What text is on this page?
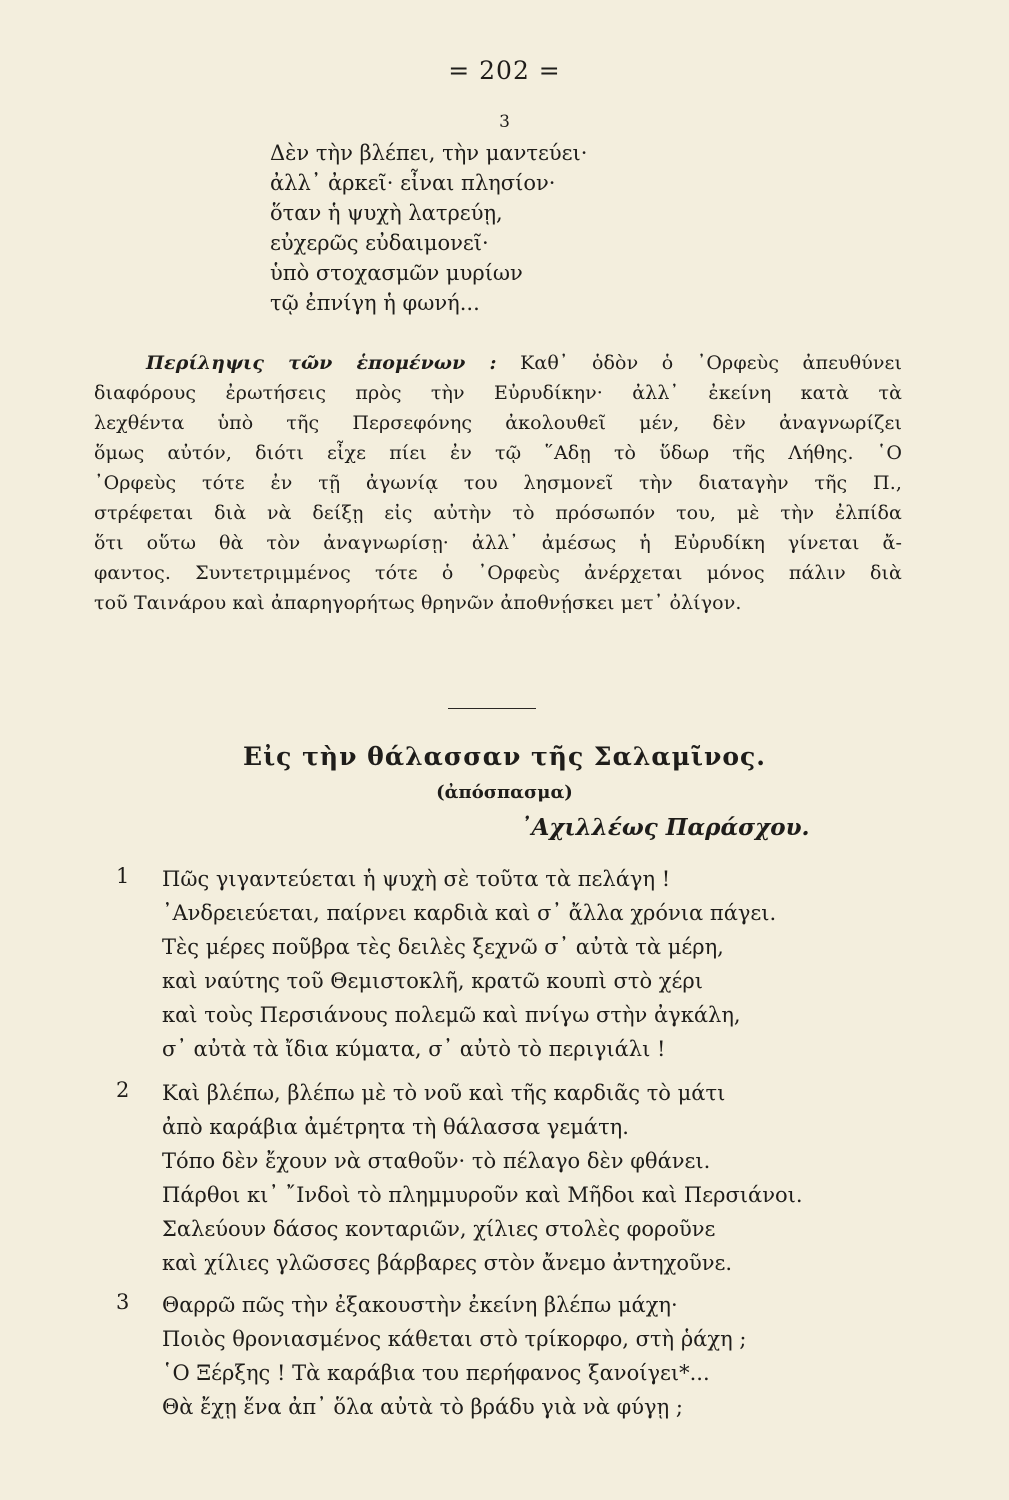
= 202 =
3
Δὲν τὴν βλέπει, τὴν μαντεύει·
ἀλλ᾿ ἀρκεῖ· εἶναι πλησίον·
ὅταν ἡ ψυχὴ λατρεύῃ,
εὐχερῶς εὐδαιμονεῖ·
ὑπὸ στοχασμῶν μυρίων
τῷ ἐπνίγη ἡ φωνή...
Περίληψις τῶν ἑπομένων : Καθ᾿ ὁδὸν ὁ ᾿Ορφεὺς ἀπευθύνει
διαφόρους ἐρωτήσεις πρὸς τὴν Εὐρυδίκην· ἀλλ᾿ ἐκείνη κατὰ τὰ
λεχθέντα ὑπὸ τῆς Περσεφόνης ἀκολουθεῖ μέν, δὲν ἀναγνωρίζει
ὅμως αὐτόν, διότι εἶχε πίει ἐν τῷ ῞Αδῃ τὸ ὕδωρ τῆς Λήθης. ῾Ο
᾿Ορφεὺς τότε ἐν τῇ ἀγωνίᾳ του λησμονεῖ τὴν διαταγὴν τῆς Π.,
στρέφεται διὰ νὰ δείξῃ εἰς αὐτὴν τὸ πρόσωπόν του, μὲ τὴν ἐλπίδα
ὅτι οὕτω θὰ τὸν ἀναγνωρίσῃ· ἀλλ᾿ ἀμέσως ἡ Εὐρυδίκη γίνεται ἄ-
φαντος. Συντετριμμένος τότε ὁ ᾿Ορφεὺς ἀνέρχεται μόνος πάλιν διὰ
τοῦ Ταινάρου καὶ ἀπαρηγορήτως θρηνῶν ἀποθνῄσκει μετ᾿ ὀλίγον.
Εἰς τὴν θάλασσαν τῆς Σαλαμῖνος.
(ἀπόσπασμα)
᾿Αχιλλέως Παράσχου.
1 Πῶς γιγαντεύεται ἡ ψυχὴ σὲ τοῦτα τὰ πελάγη !
᾿Ανδρειεύεται, παίρνει καρδιὰ καὶ σ᾿ ἄλλα χρόνια πάγει.
Τὲς μέρες ποῦβρα τὲς δειλὲς ξεχνῶ σ᾿ αὐτὰ τὰ μέρη,
καὶ ναύτης τοῦ Θεμιστοκλῆ, κρατῶ κουπὶ στὸ χέρι
καὶ τοὺς Περσιάνους πολεμῶ καὶ πνίγω στὴν ἀγκάλη,
σ᾿ αὐτὰ τὰ ἴδια κύματα, σ᾿ αὐτὸ τὸ περιγιάλι !
2 Καὶ βλέπω, βλέπω μὲ τὸ νοῦ καὶ τῆς καρδιᾶς τὸ μάτι
ἀπὸ καράβια ἀμέτρητα τὴ θάλασσα γεμάτη.
Τόπο δὲν ἔχουν νὰ σταθοῦν· τὸ πέλαγο δὲν φθάνει.
Πάρθοι κι᾿ ῎Ινδοὶ τὸ πλημμυροῦν καὶ Μῆδοι καὶ Περσιάνοι.
Σαλεύουν δάσος κονταριῶν, χίλιες στολὲς φοροῦνε
καὶ χίλιες γλῶσσες βάρβαρες στὸν ἄνεμο ἀντηχοῦνε.
3 Θαρρῶ πῶς τὴν ἐξακουστὴν ἐκείνη βλέπω μάχη·
Ποιὸς θρονιασμένος κάθεται στὸ τρίκορφο, στὴ ῥάχη ;
῾Ο Ξέρξης ! Τὰ καράβια του περήφανος ξανοίγει*...
Θὰ ἔχῃ ἕνα ἀπ᾿ ὅλα αὐτὰ τὸ βράδυ γιὰ νὰ φύγῃ ;
